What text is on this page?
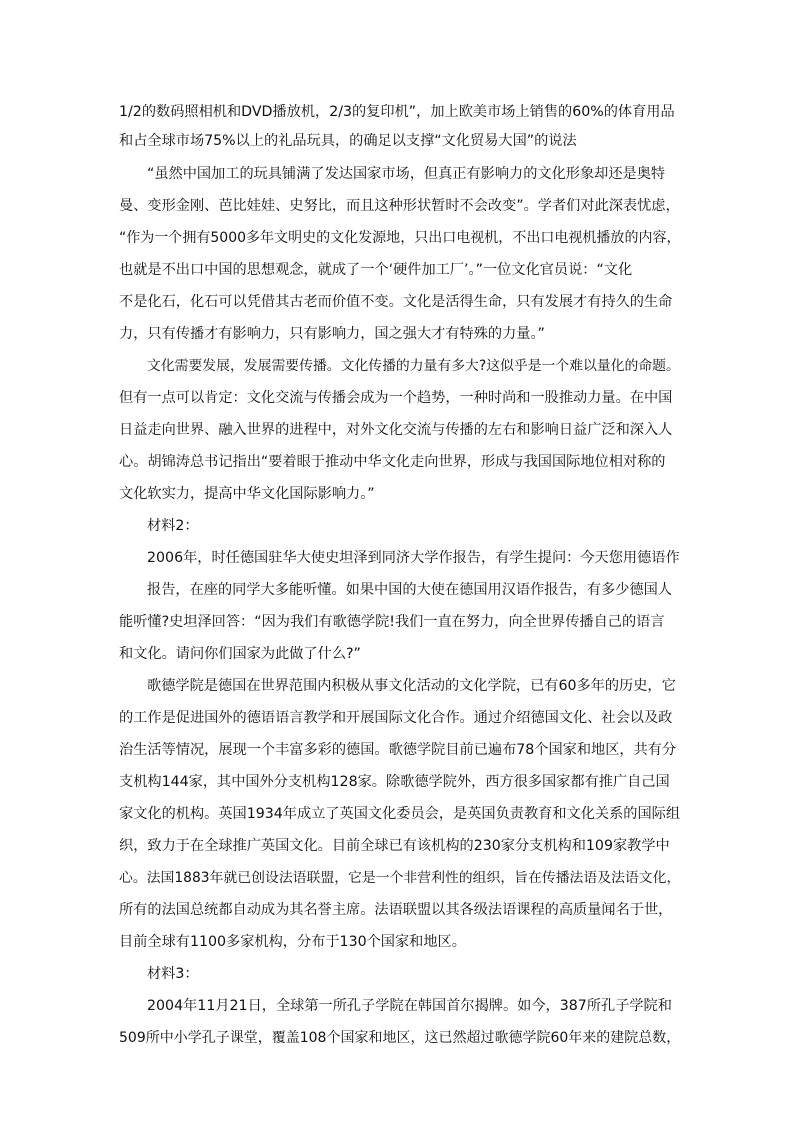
1/2的数码照相机和DVD播放机，2/3的复印机”，加上欧美市场上销售的60%的体育用品
和占全球市场75%以上的礼品玩具，的确足以支撑“文化贸易大国”的说法
“虽然中国加工的玩具铺满了发达国家市场，但真正有影响力的文化形象却还是奥特
曼、变形金刚、芭比娃娃、史努比，而且这种形状暂时不会改变”。学者们对此深表忧虑，
“作为一个拥有5000多年文明史的文化发源地，只出口电视机，不出口电视机播放的内容，
也就是不出口中国的思想观念，就成了一个‘硬件加工厂’。”一位文化官员说：“文化
不是化石，化石可以凭借其古老而价值不变。文化是活得生命，只有发展才有持久的生命
力，只有传播才有影响力，只有影响力，国之强大才有特殊的力量。”
文化需要发展，发展需要传播。文化传播的力量有多大?这似乎是一个难以量化的命题。
但有一点可以肯定：文化交流与传播会成为一个趋势，一种时尚和一股推动力量。在中国
日益走向世界、融入世界的进程中，对外文化交流与传播的左右和影响日益广泛和深入人
心。胡锦涛总书记指出“要着眼于推动中华文化走向世界，形成与我国国际地位相对称的
文化软实力，提高中华文化国际影响力。”
材料2：
2006年，时任德国驻华大使史坦泽到同济大学作报告，有学生提问：今天您用德语作
报告，在座的同学大多能听懂。如果中国的大使在德国用汉语作报告，有多少德国人
能听懂?史坦泽回答：“因为我们有歌德学院!我们一直在努力，向全世界传播自己的语言
和文化。请问你们国家为此做了什么?”
歌德学院是德国在世界范围内积极从事文化活动的文化学院，已有60多年的历史，它
的工作是促进国外的德语语言教学和开展国际文化合作。通过介绍德国文化、社会以及政
治生活等情况，展现一个丰富多彩的德国。歌德学院目前已遍布78个国家和地区，共有分
支机构144家，其中国外分支机构128家。除歌德学院外，西方很多国家都有推广自己国
家文化的机构。英国1934年成立了英国文化委员会，是英国负责教育和文化关系的国际组
织，致力于在全球推广英国文化。目前全球已有该机构的230家分支机构和109家教学中
心。法国1883年就已创设法语联盟，它是一个非营利性的组织，旨在传播法语及法语文化，
所有的法国总统都自动成为其名誉主席。法语联盟以其各级法语课程的高质量闻名于世，
目前全球有1100多家机构，分布于130个国家和地区。
材料3：
2004年11月21日，全球第一所孔子学院在韩国首尔揭牌。如今，387所孔子学院和
509所中小学孔子课堂，覆盖108个国家和地区，这已然超过歌德学院60年来的建院总数，
